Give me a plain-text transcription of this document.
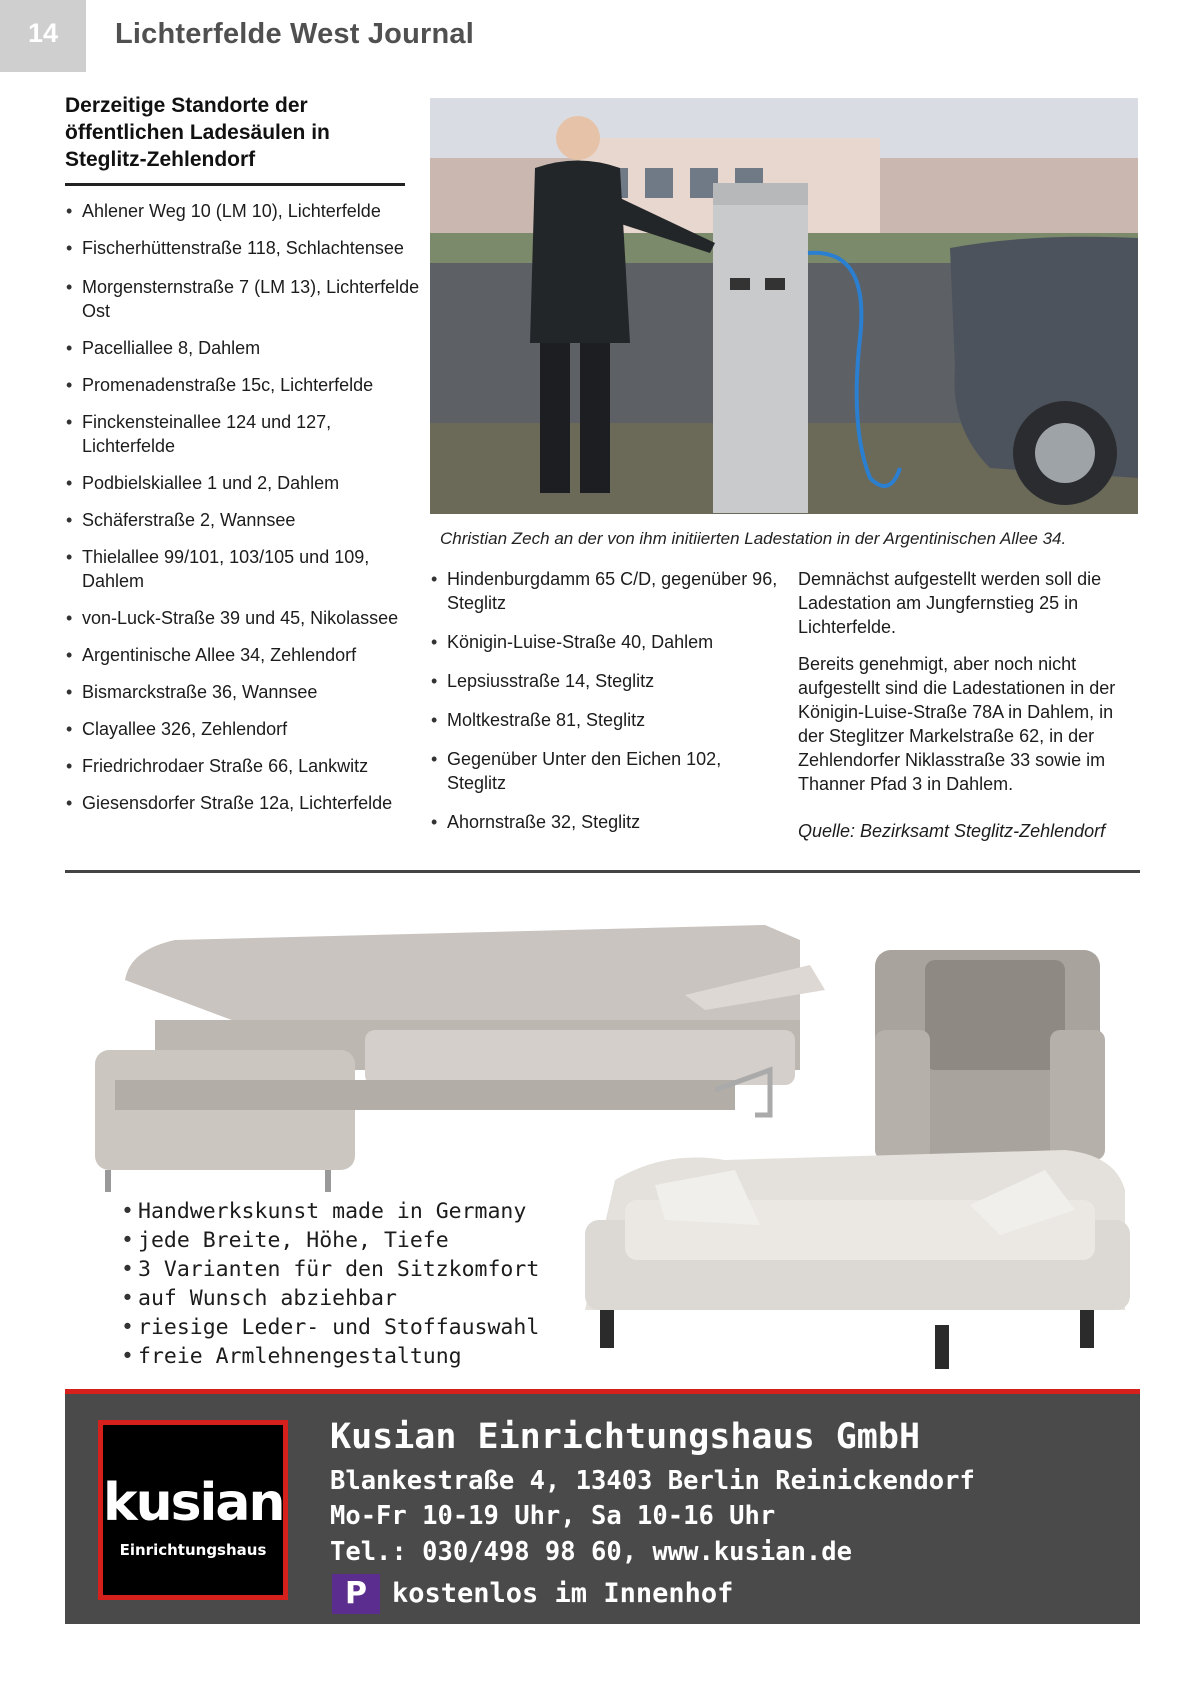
14	Lichterfelde West Journal
Derzeitige Standorte der öffentlichen Ladesäulen in Steglitz-Zehlendorf
• Ahlener Weg 10 (LM 10), Lichterfelde
• Fischerhüttenstraße 118, Schlachtensee
• Morgensternstraße 7 (LM 13), Lichterfelde Ost
• Pacelliallee 8, Dahlem
• Promenadenstraße 15c, Lichterfelde
• Finckensteinallee 124 und 127, Lichterfelde
• Podbielskiallee 1 und 2, Dahlem
• Schäferstraße 2, Wannsee
• Thielallee 99/101, 103/105 und 109, Dahlem
• von-Luck-Straße 39 und 45, Nikolassee
• Argentinische Allee 34, Zehlendorf
• Bismarckstraße 36, Wannsee
• Clayallee 326, Zehlendorf
• Friedrichrodaer Straße 66, Lankwitz
• Giesensdorfer Straße 12a, Lichterfelde
Christian Zech an der von ihm initiierten Ladestation in der Argentinischen Allee 34.
• Hindenburgdamm 65 C/D, gegenüber 96, Steglitz
• Königin-Luise-Straße 40, Dahlem
• Lepsiusstraße 14, Steglitz
• Moltkestraße 81, Steglitz
• Gegenüber Unter den Eichen 102, Steglitz
• Ahornstraße 32, Steglitz

Demnächst aufgestellt werden soll die Ladestation am Jungfernstieg 25 in Lichterfelde.

Bereits genehmigt, aber noch nicht aufgestellt sind die Ladestationen in der Königin-Luise-Straße 78A in Dahlem, in der Steglitzer Markelstraße 62, in der Zehlendorfer Niklasstraße 33 sowie im Thanner Pfad 3 in Dahlem.

Quelle: Bezirksamt Steglitz-Zehlendorf
• Handwerkskunst made in Germany
• jede Breite, Höhe, Tiefe
• 3 Varianten für den Sitzkomfort
• auf Wunsch abziehbar
• riesige Leder- und Stoffauswahl
• freie Armlehnengestaltung
kusian
Einrichtungshaus
Kusian Einrichtungshaus GmbH
Blankestraße 4, 13403 Berlin Reinickendorf
Mo-Fr 10-19 Uhr, Sa 10-16 Uhr
Tel.: 030/498 98 60, www.kusian.de
P kostenlos im Innenhof
